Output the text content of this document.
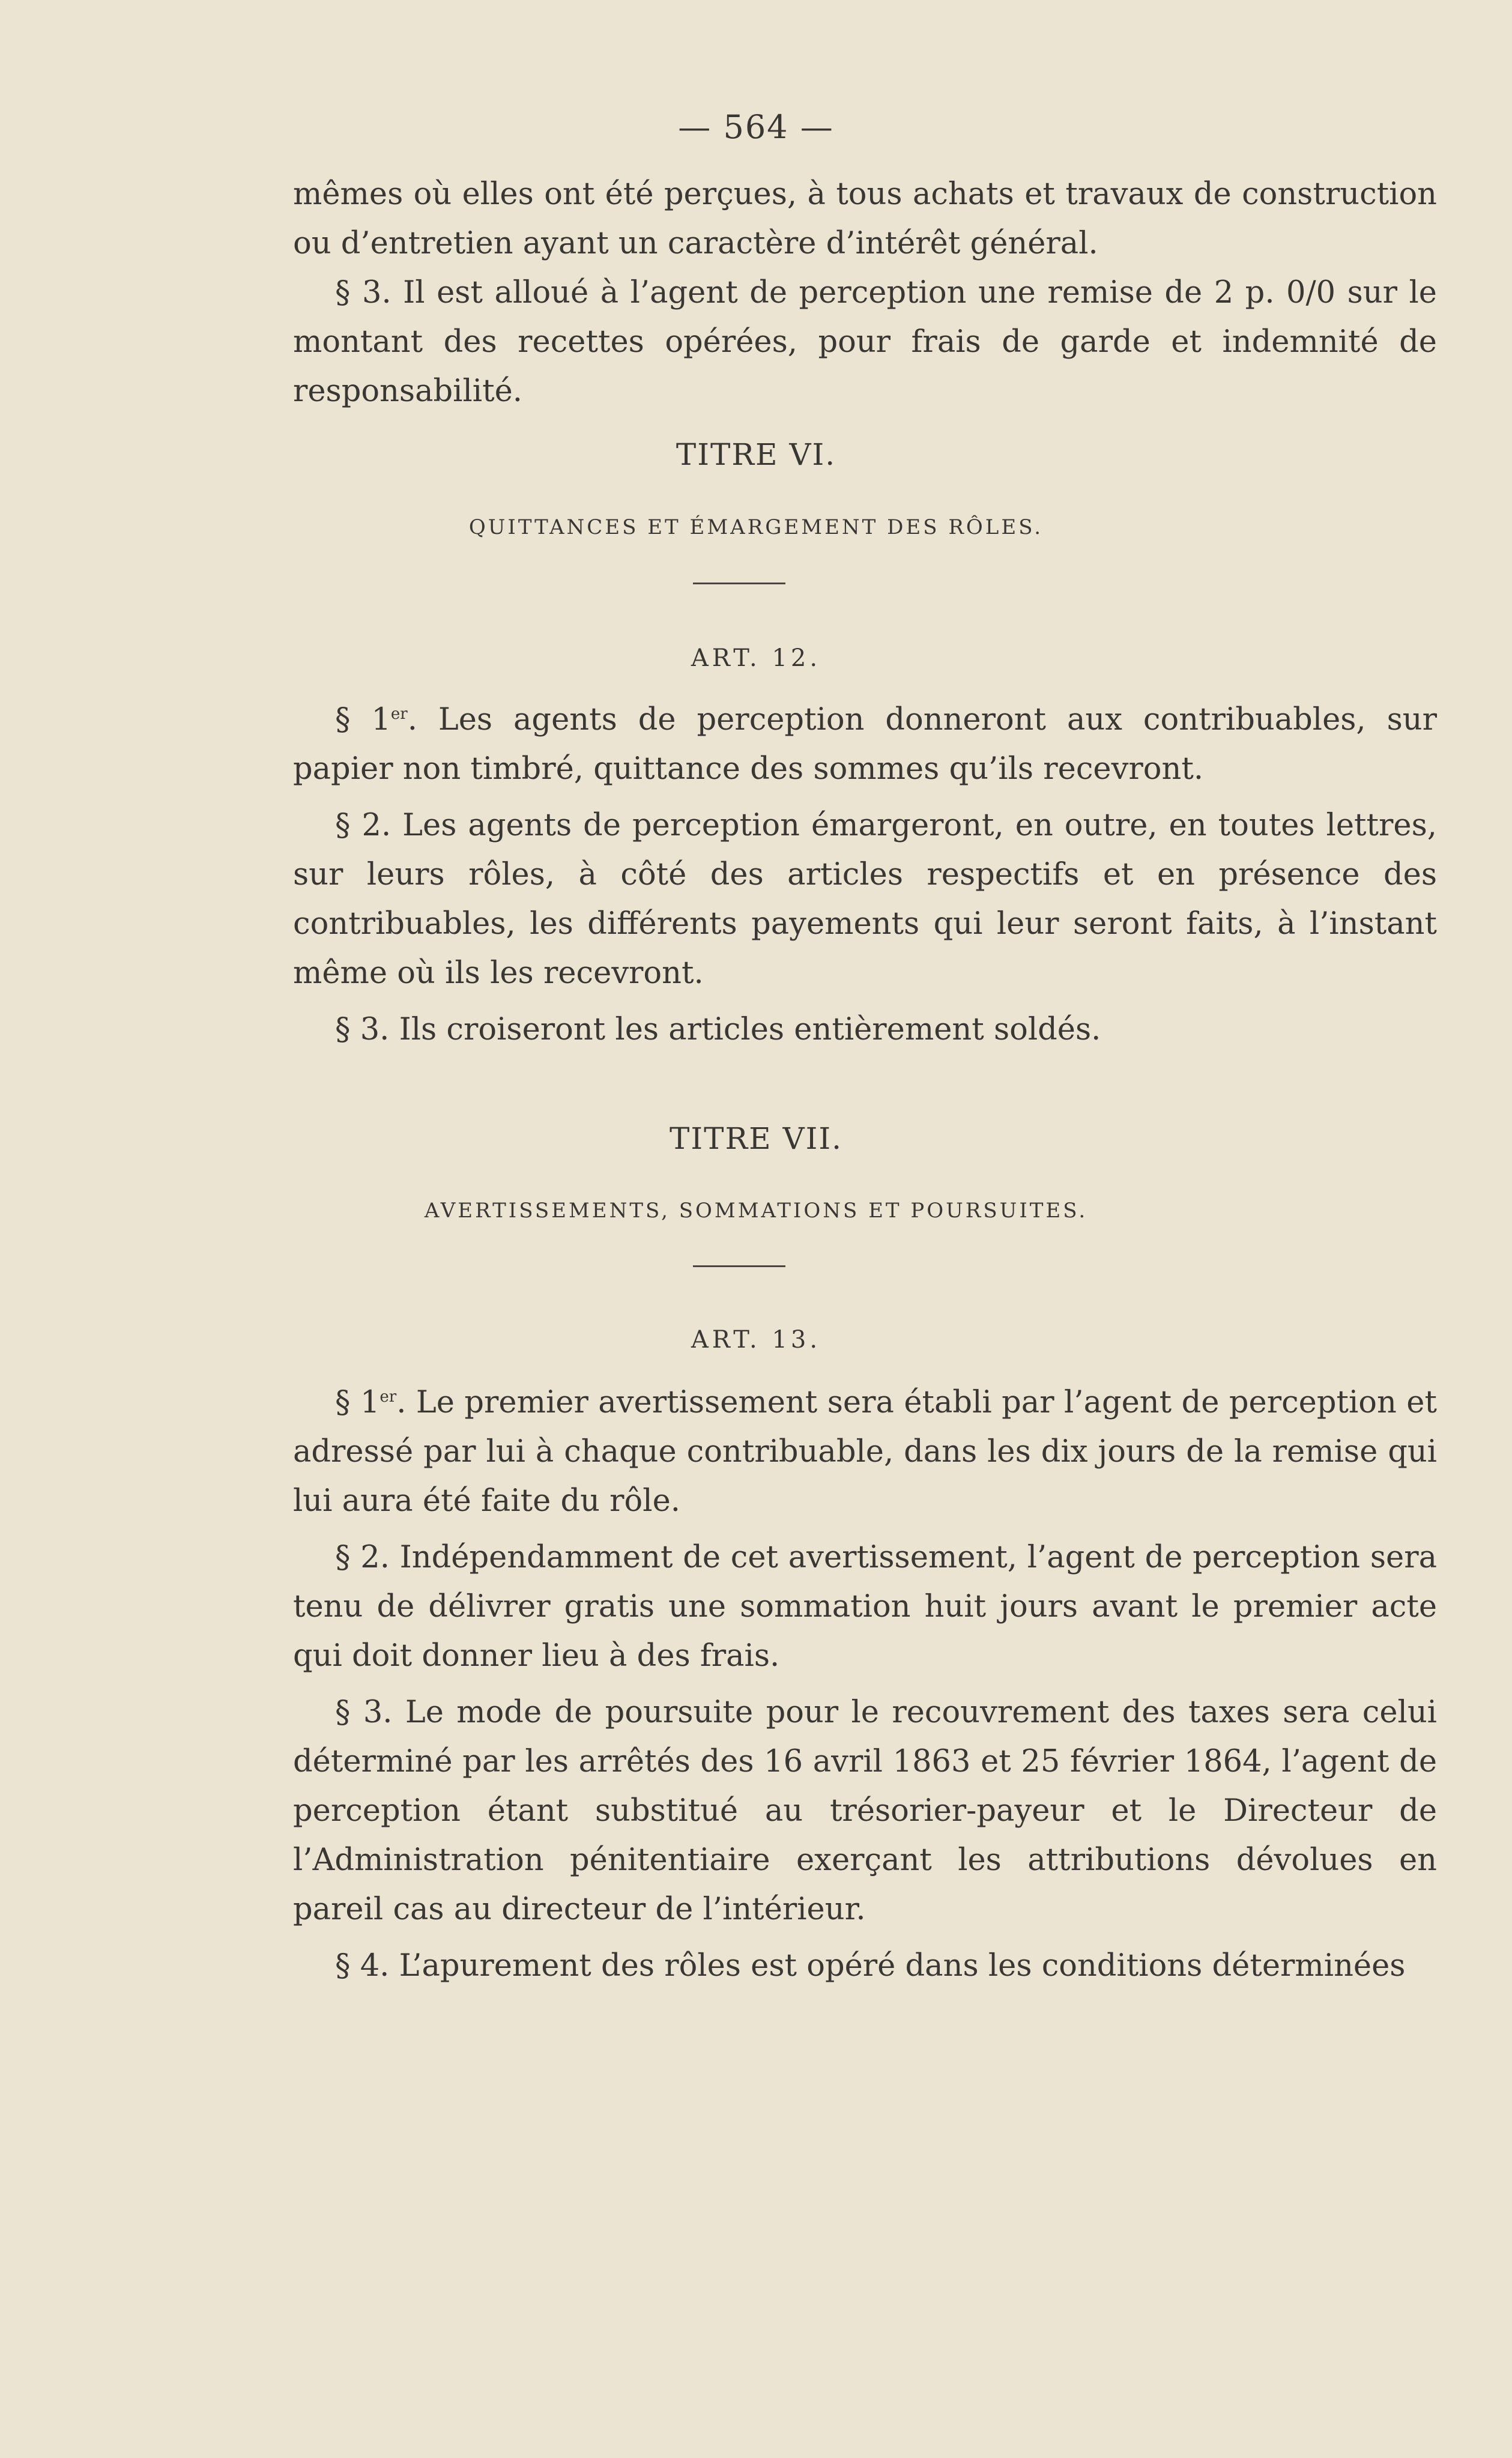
— 564 —

mêmes où elles ont été perçues, à tous achats et travaux de construction ou d’entretien ayant un caractère d’intérêt général.

§ 3. Il est alloué à l’agent de perception une remise de 2 p. 0/0 sur le montant des recettes opérées, pour frais de garde et indemnité de responsabilité.

TITRE VI.
QUITTANCES ET ÉMARGEMENT DES RÔLES.
ART. 12.

§ 1er. Les agents de perception donneront aux contribuables, sur papier non timbré, quittance des sommes qu’ils recevront.

§ 2. Les agents de perception émargeront, en outre, en toutes lettres, sur leurs rôles, à côté des articles respectifs et en présence des contribuables, les différents payements qui leur seront faits, à l’instant même où ils les recevront.

§ 3. Ils croiseront les articles entièrement soldés.

TITRE VII.
AVERTISSEMENTS, SOMMATIONS ET POURSUITES.
ART. 13.

§ 1er. Le premier avertissement sera établi par l’agent de perception et adressé par lui à chaque contribuable, dans les dix jours de la remise qui lui aura été faite du rôle.

§ 2. Indépendamment de cet avertissement, l’agent de perception sera tenu de délivrer gratis une sommation huit jours avant le premier acte qui doit donner lieu à des frais.

§ 3. Le mode de poursuite pour le recouvrement des taxes sera celui déterminé par les arrêtés des 16 avril 1863 et 25 février 1864, l’agent de perception étant substitué au trésorier-payeur et le Directeur de l’Administration pénitentiaire exerçant les attributions dévolues en pareil cas au directeur de l’intérieur.

§ 4. L’apurement des rôles est opéré dans les conditions déterminées
